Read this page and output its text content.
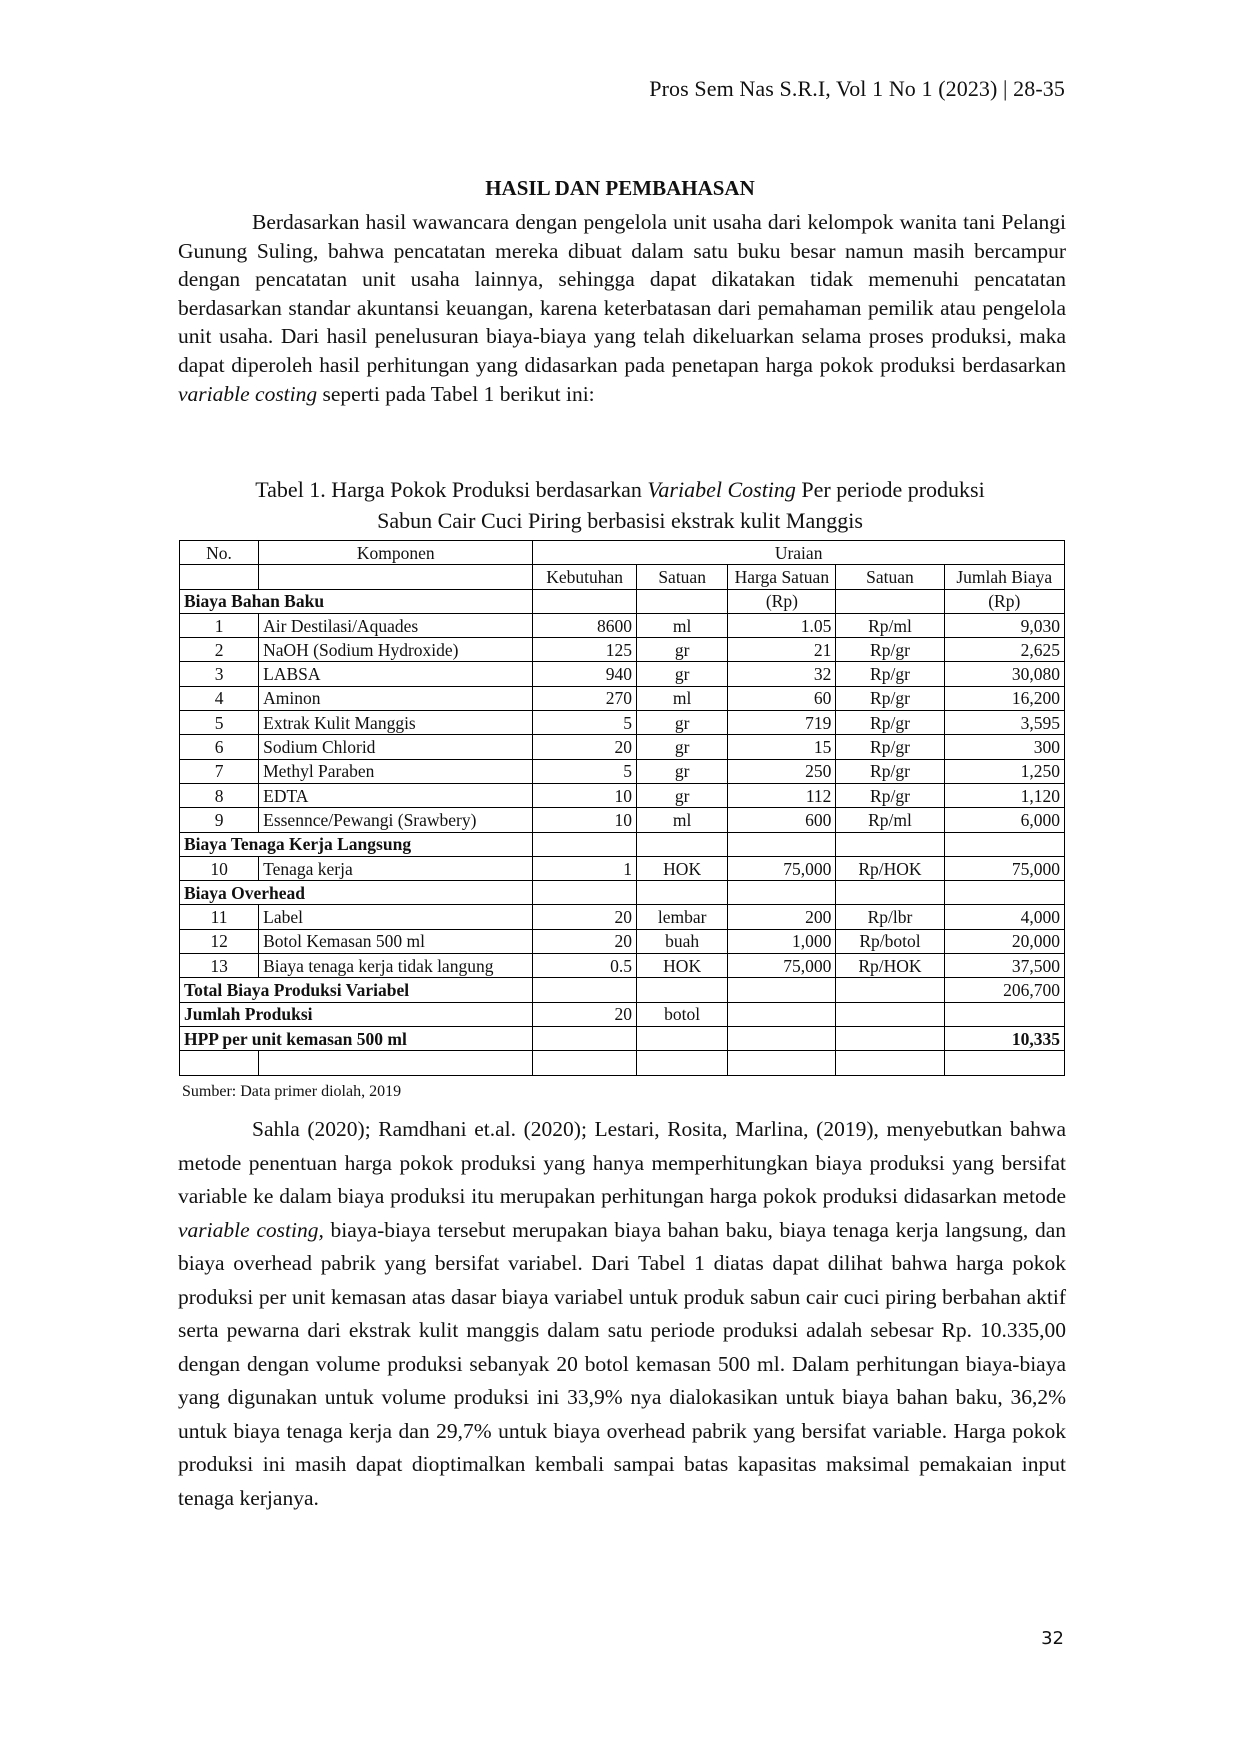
Pros Sem Nas S.R.I, Vol 1 No 1 (2023) | 28-35
HASIL DAN PEMBAHASAN

Berdasarkan hasil wawancara dengan pengelola unit usaha dari kelompok wanita tani Pelangi Gunung Suling, bahwa pencatatan mereka dibuat dalam satu buku besar namun masih bercampur dengan pencatatan unit usaha lainnya, sehingga dapat dikatakan tidak memenuhi pencatatan berdasarkan standar akuntansi keuangan, karena keterbatasan dari pemahaman pemilik atau pengelola unit usaha. Dari hasil penelusuran biaya-biaya yang telah dikeluarkan selama proses produksi, maka dapat diperoleh hasil perhitungan yang didasarkan pada penetapan harga pokok produksi berdasarkan variable costing seperti pada Tabel 1 berikut ini:

Tabel 1. Harga Pokok Produksi berdasarkan Variabel Costing Per periode produksi
Sabun Cair Cuci Piring berbasisi ekstrak kulit Manggis
No.	Komponen	Uraian				
		Kebutuhan	Satuan	Harga Satuan	Satuan	Jumlah Biaya
Biaya Bahan Baku				(Rp)		(Rp)
1	Air Destilasi/Aquades	8600	ml	1.05	Rp/ml	9,030
2	NaOH (Sodium Hydroxide)	125	gr	21	Rp/gr	2,625
3	LABSA	940	gr	32	Rp/gr	30,080
4	Aminon	270	ml	60	Rp/gr	16,200
5	Extrak Kulit Manggis	5	gr	719	Rp/gr	3,595
6	Sodium Chlorid	20	gr	15	Rp/gr	300
7	Methyl Paraben	5	gr	250	Rp/gr	1,250
8	EDTA	10	gr	112	Rp/gr	1,120
9	Essennce/Pewangi (Srawbery)	10	ml	600	Rp/ml	6,000
Biaya Tenaga Kerja Langsung						
10	Tenaga kerja	1	HOK	75,000	Rp/HOK	75,000
Biaya Overhead						
11	Label	20	lembar	200	Rp/lbr	4,000
12	Botol Kemasan 500 ml	20	buah	1,000	Rp/botol	20,000
13	Biaya tenaga kerja tidak langung	0.5	HOK	75,000	Rp/HOK	37,500
Total Biaya Produksi Variabel						206,700
Jumlah Produksi		20	botol			
HPP per unit kemasan 500 ml						10,335

Sumber: Data primer diolah, 2019

Sahla (2020); Ramdhani et.al. (2020); Lestari, Rosita, Marlina, (2019), menyebutkan bahwa metode penentuan harga pokok produksi yang hanya memperhitungkan biaya produksi yang bersifat variable ke dalam biaya produksi itu merupakan perhitungan harga pokok produksi didasarkan metode variable costing, biaya-biaya tersebut merupakan biaya bahan baku, biaya tenaga kerja langsung, dan biaya overhead pabrik yang bersifat variabel. Dari Tabel 1 diatas dapat dilihat bahwa harga pokok produksi per unit kemasan atas dasar biaya variabel untuk produk sabun cair cuci piring berbahan aktif serta pewarna dari ekstrak kulit manggis dalam satu periode produksi adalah sebesar Rp. 10.335,00 dengan dengan volume produksi sebanyak 20 botol kemasan 500 ml. Dalam perhitungan biaya-biaya yang digunakan untuk volume produksi ini 33,9% nya dialokasikan untuk biaya bahan baku, 36,2% untuk biaya tenaga kerja dan 29,7% untuk biaya overhead pabrik yang bersifat variable. Harga pokok produksi ini masih dapat dioptimalkan kembali sampai batas kapasitas maksimal pemakaian input tenaga kerjanya.

32
